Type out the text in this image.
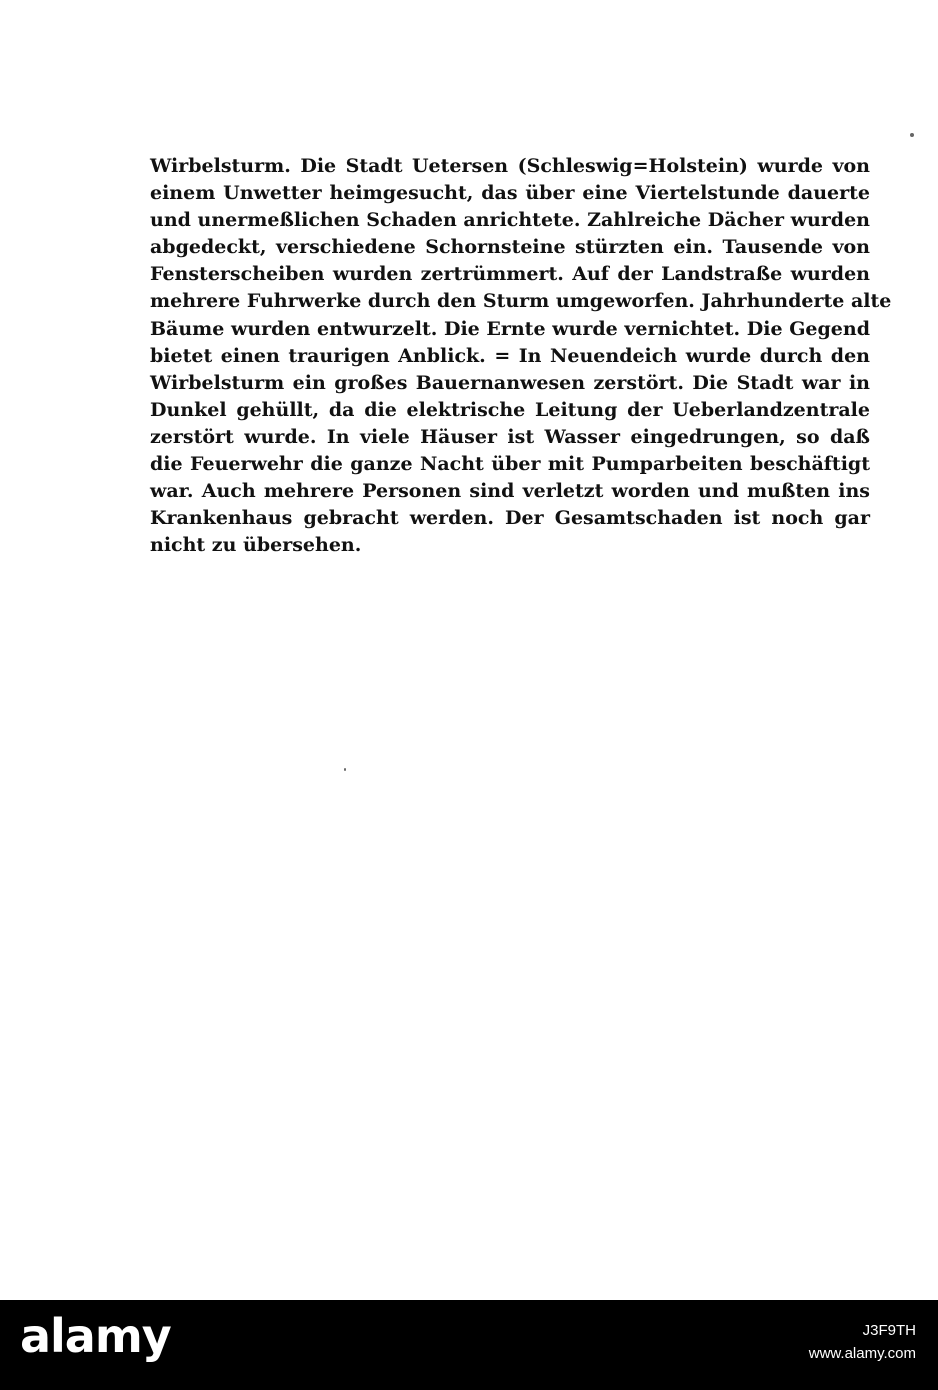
Wirbelsturm. Die Stadt Uetersen (Schleswig=Holstein) wurde von
einem Unwetter heimgesucht, das über eine Viertelstunde dauerte
und unermeßlichen Schaden anrichtete. Zahlreiche Dächer wurden
abgedeckt, verschiedene Schornsteine stürzten ein. Tausende von
Fensterscheiben wurden zertrümmert. Auf der Landstraße wurden
mehrere Fuhrwerke durch den Sturm umgeworfen. Jahrhunderte alte
Bäume wurden entwurzelt. Die Ernte wurde vernichtet. Die Gegend
bietet einen traurigen Anblick. = In Neuendeich wurde durch den
Wirbelsturm ein großes Bauernanwesen zerstört. Die Stadt war in
Dunkel gehüllt, da die elektrische Leitung der Ueberlandzentrale
zerstört wurde. In viele Häuser ist Wasser eingedrungen, so daß
die Feuerwehr die ganze Nacht über mit Pumparbeiten beschäftigt
war. Auch mehrere Personen sind verletzt worden und mußten ins
Krankenhaus gebracht werden. Der Gesamtschaden ist noch gar
nicht zu übersehen.
alamy	J3F9TH
www.alamy.com
